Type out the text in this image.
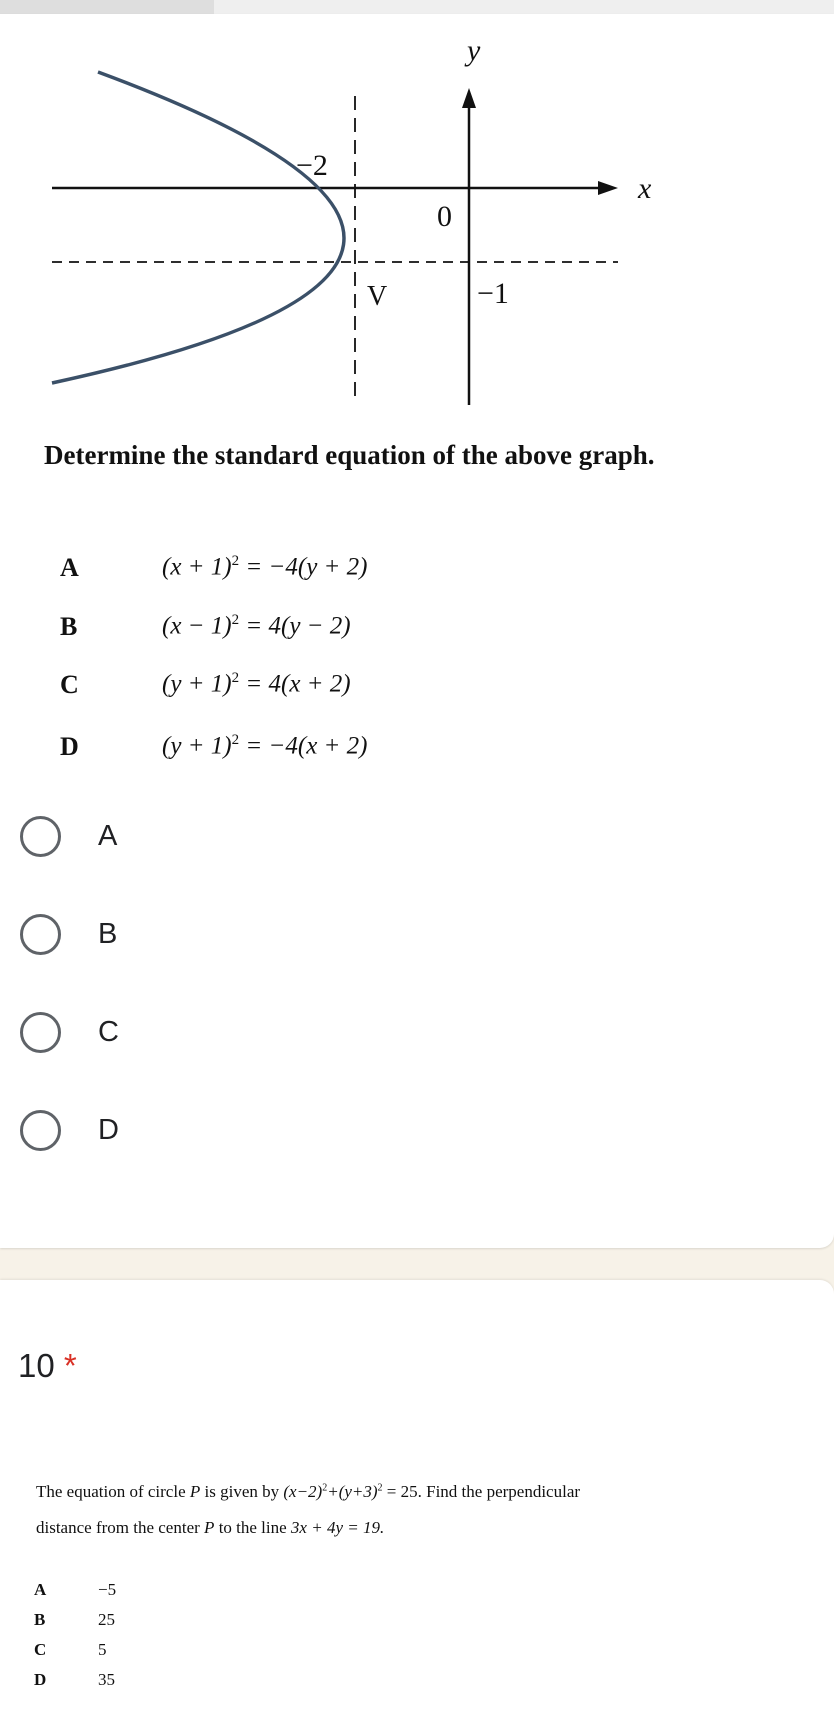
y
x
0
−2
−1
V
Determine the standard equation of the above graph.
A	$(x + 1)^2 = -4(y + 2)$
B	$(x - 1)^2 = 4(y - 2)$
C	$(y + 1)^2 = 4(x + 2)$
D	$(y + 1)^2 = -4(x + 2)$
A
B
C
D
10 *
The equation of circle P is given by $(x-2)^2+(y+3)^2 = 25$. Find the perpendicular
distance from the center P to the line 3x + 4y = 19.
A	−5
B	25
C	5
D	35
